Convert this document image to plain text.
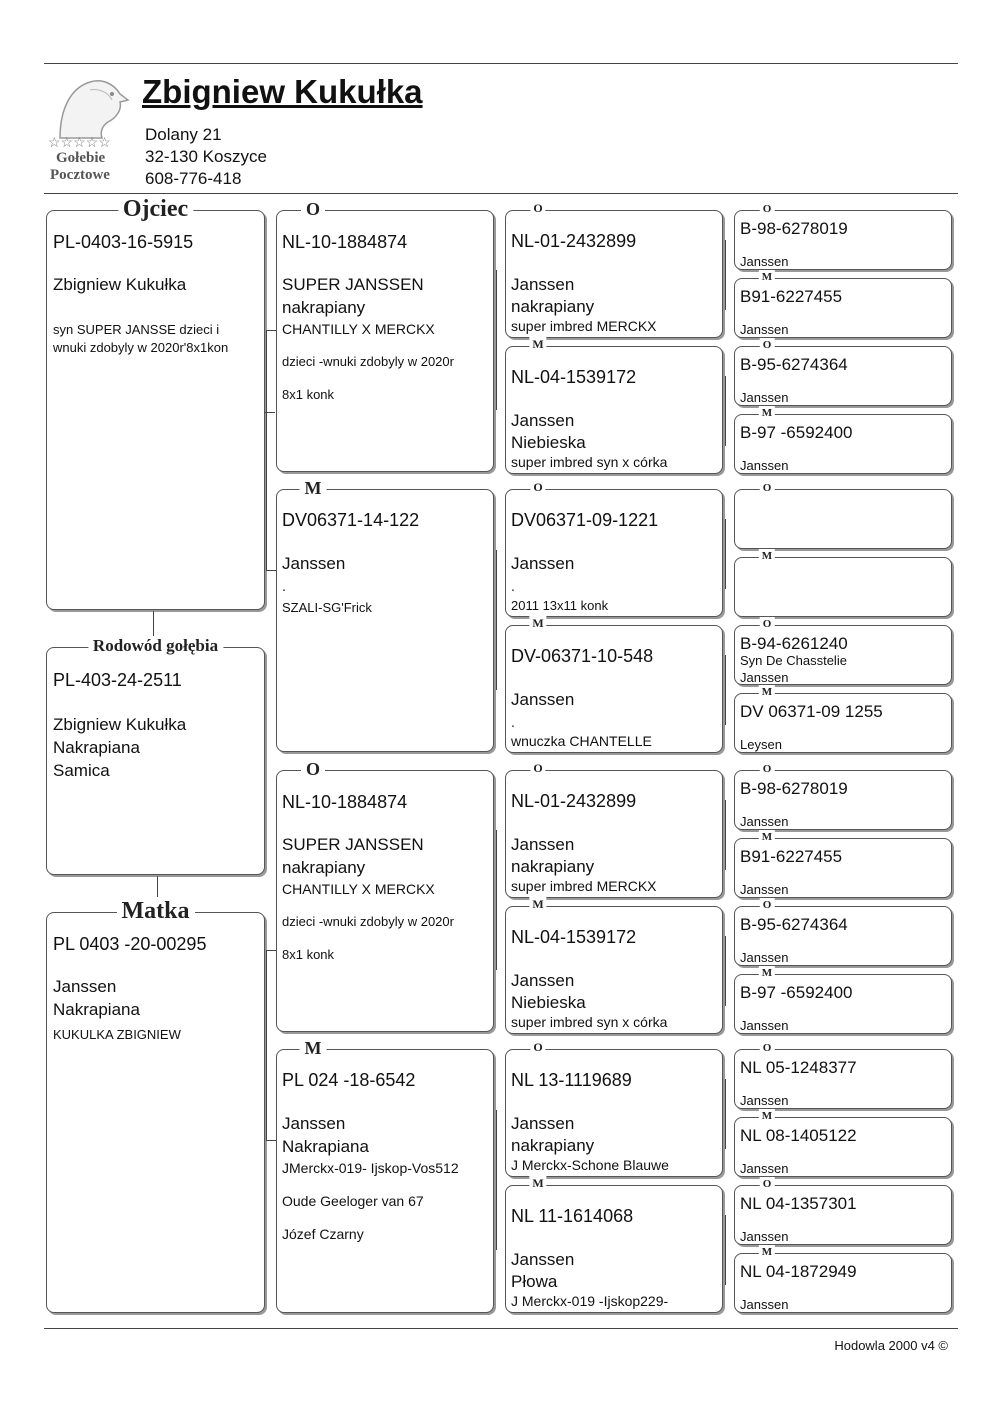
☆☆☆☆☆
Gołebie
Pocztowe
Zbigniew Kukułka
Dolany 21
32-130 Koszyce
608-776-418
Ojciec
PL-0403-16-5915
Zbigniew Kukułka
syn SUPER JANSSE dzieci i
wnuki zdobyly w 2020r'8x1kon
Rodowód gołębia
PL-403-24-2511
Zbigniew Kukułka
Nakrapiana
Samica
Matka
PL 0403 -20-00295
Janssen
Nakrapiana
KUKULKA ZBIGNIEW
O
NL-10-1884874
SUPER JANSSEN
nakrapiany
CHANTILLY X MERCKX
dzieci -wnuki zdobyly w 2020r
8x1 konk
M
DV06371-14-122
Janssen
.
SZALI-SG'Frick
O
NL-10-1884874
SUPER JANSSEN
nakrapiany
CHANTILLY X MERCKX
dzieci -wnuki zdobyly w 2020r
8x1 konk
M
PL 024 -18-6542
Janssen
Nakrapiana
JMerckx-019- Ijskop-Vos512
Oude Geeloger van 67
Józef Czarny
O
NL-01-2432899
Janssen
nakrapiany
super imbred MERCKX
M
NL-04-1539172
Janssen
Niebieska
super imbred syn x córka
O
DV06371-09-1221
Janssen
.
2011 13x11 konk
M
DV-06371-10-548
Janssen
.
wnuczka CHANTELLE
O
NL-01-2432899
Janssen
nakrapiany
super imbred MERCKX
M
NL-04-1539172
Janssen
Niebieska
super imbred syn x córka
O
NL 13-1119689
Janssen
nakrapiany
J Merckx-Schone Blauwe
M
NL 11-1614068
Janssen
Płowa
J Merckx-019 -Ijskop229-
O
B-98-6278019
Janssen
M
B91-6227455
Janssen
O
B-95-6274364
Janssen
M
B-97 -6592400
Janssen
O
M
O
B-94-6261240
Syn De Chasstelie
Janssen
M
DV 06371-09 1255
Leysen
O
B-98-6278019
Janssen
M
B91-6227455
Janssen
O
B-95-6274364
Janssen
M
B-97 -6592400
Janssen
O
NL 05-1248377
Janssen
M
NL 08-1405122
Janssen
O
NL 04-1357301
Janssen
M
NL 04-1872949
Janssen
Hodowla 2000 v4 ©
